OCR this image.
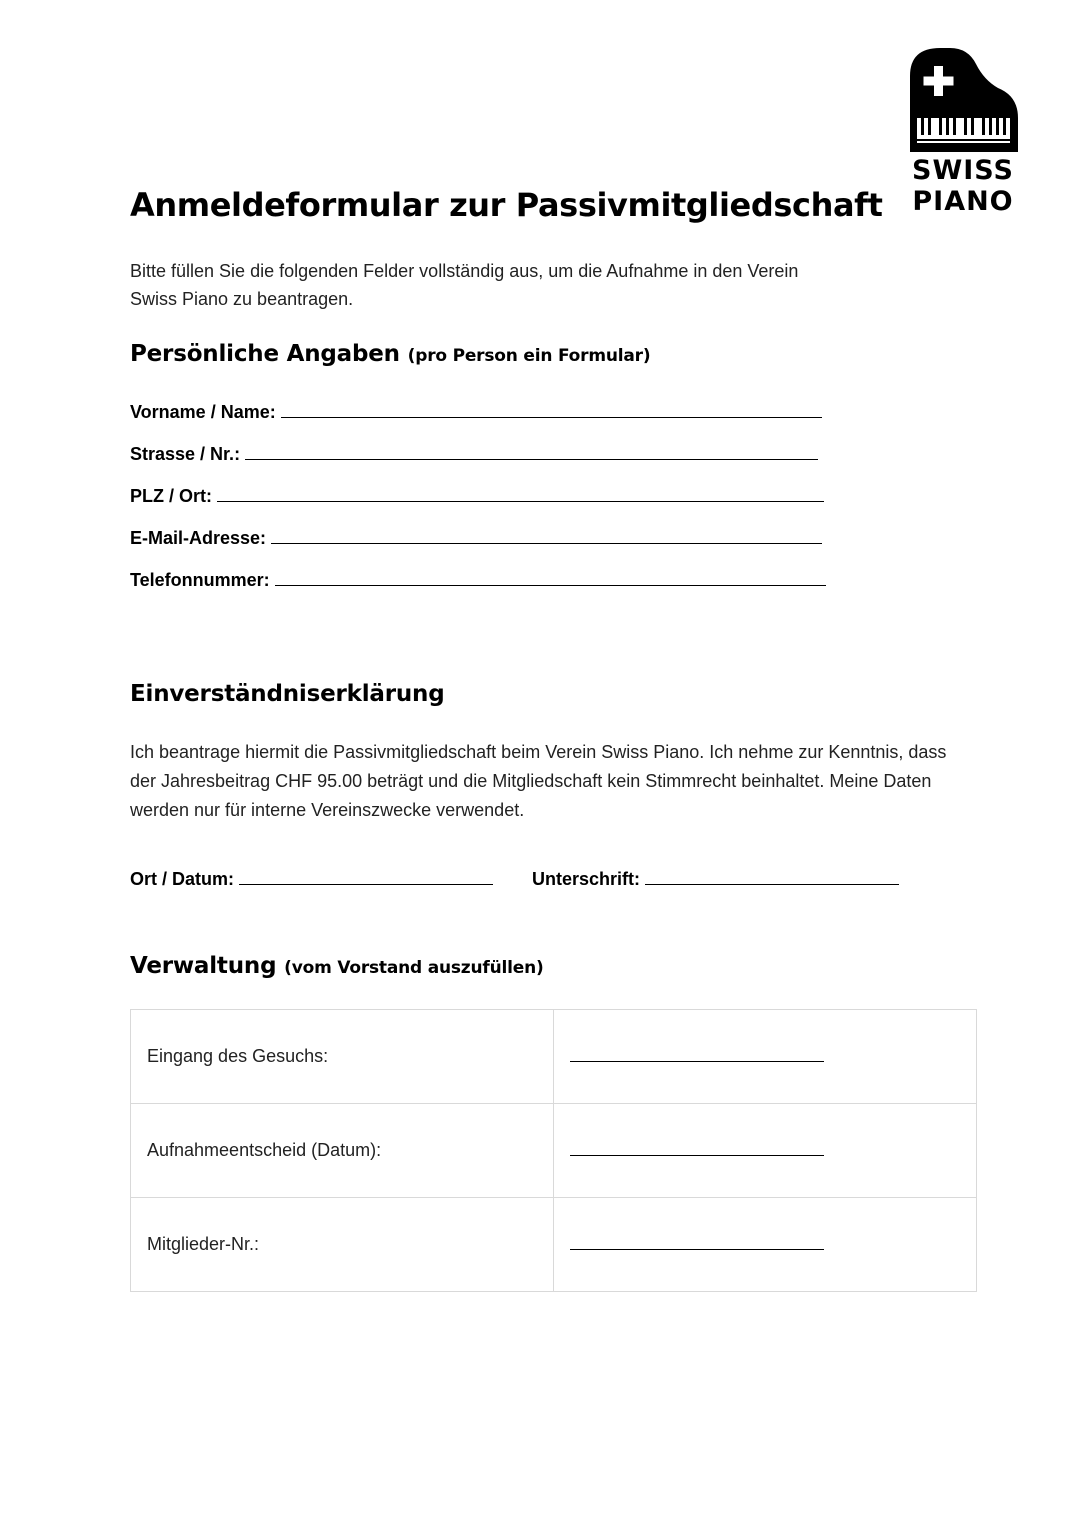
SWISS
PIANO
Anmeldeformular zur Passivmitgliedschaft

Bitte füllen Sie die folgenden Felder vollständig aus, um die Aufnahme in den Verein Swiss Piano zu beantragen.

Persönliche Angaben (pro Person ein Formular)
Vorname / Name:
Strasse / Nr.:
PLZ / Ort:
E-Mail-Adresse:
Telefonnummer:
Einverständniserklärung

Ich beantrage hiermit die Passivmitgliedschaft beim Verein Swiss Piano. Ich nehme zur Kenntnis, dass der Jahresbeitrag CHF 95.00 beträgt und die Mitgliedschaft kein Stimmrecht beinhaltet. Meine Daten werden nur für interne Vereinszwecke verwendet.

Ort / Datum:	Unterschrift:
Verwaltung (vom Vorstand auszufüllen)
Eingang des Gesuchs:	
Aufnahmeentscheid (Datum):	
Mitglieder-Nr.:	
